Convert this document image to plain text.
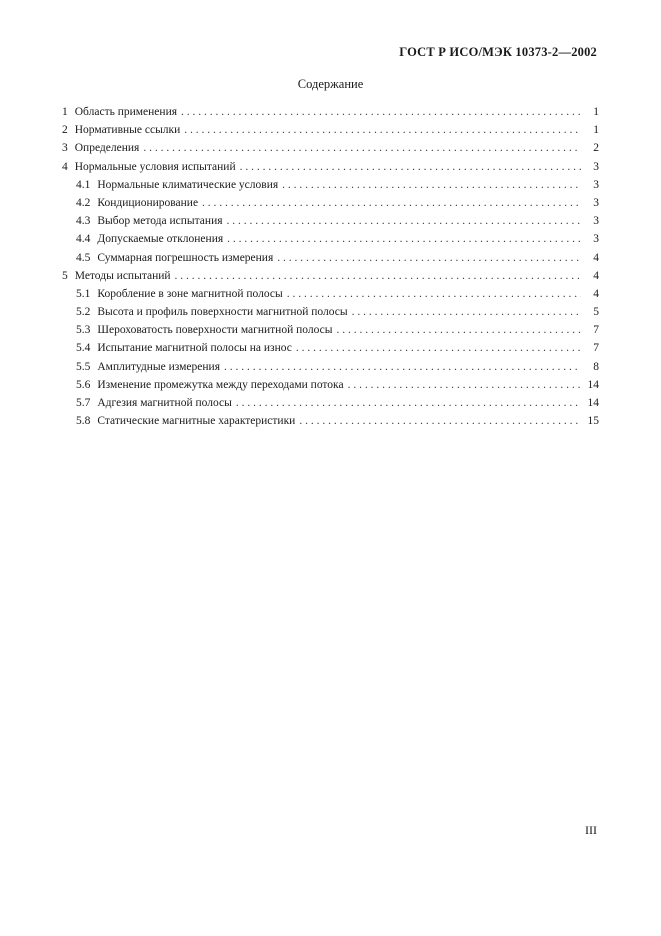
ГОСТ Р ИСО/МЭК 10373-2—2002
Содержание
1 Область применения . . .	1
2 Нормативные ссылки . . .	1
3 Определения . . .	2
4 Нормальные условия испытаний . . .	3
4.1 Нормальные климатические условия . . .	3
4.2 Кондиционирование . . .	3
4.3 Выбор метода испытания . . .	3
4.4 Допускаемые отклонения . . .	3
4.5 Суммарная погрешность измерения . . .	4
5 Методы испытаний . . .	4
5.1 Коробление в зоне магнитной полосы . . .	4
5.2 Высота и профиль поверхности магнитной полосы . . .	5
5.3 Шероховатость поверхности магнитной полосы . . .	7
5.4 Испытание магнитной полосы на износ . . .	7
5.5 Амплитудные измерения . . .	8
5.6 Изменение промежутка между переходами потока . . .	14
5.7 Адгезия магнитной полосы . . .	14
5.8 Статические магнитные характеристики . . .	15
III
